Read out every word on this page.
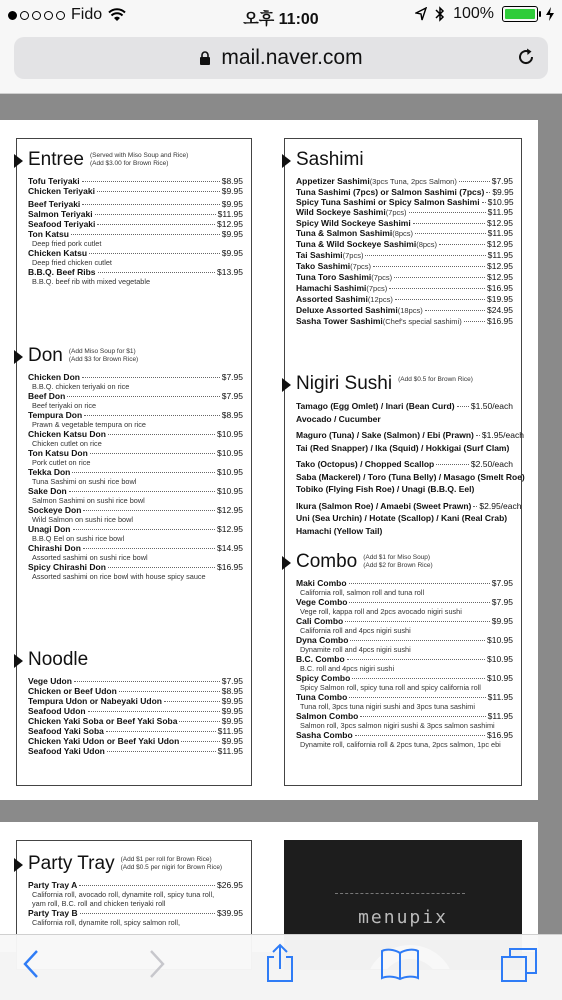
Fido	오후 11:00	100%
mail.naver.com
Entree (Served with Miso Soup and Rice)
(Add $3.00 for Brown Rice)
Tofu Teriyaki	$8.95
Chicken Teriyaki	$9.95
Beef Teriyaki	$9.95
Salmon Teriyaki	$11.95
Seafood Teriyaki	$12.95
Ton Katsu	$9.95
Deep fried pork cutlet
Chicken Katsu	$9.95
Deep fried chicken cutlet
B.B.Q. Beef Ribs	$13.95
B.B.Q. beef rib with mixed vegetable
Don (Add Miso Soup for $1)
(Add $3 for Brown Rice)
Chicken Don	$7.95
B.B.Q. chicken teriyaki on rice
Beef Don	$7.95
Beef teriyaki on rice
Tempura Don	$8.95
Prawn & vegetable tempura on rice
Chicken Katsu Don	$10.95
Chicken cutlet on rice
Ton Katsu Don	$10.95
Pork cutlet on rice
Tekka Don	$10.95
Tuna Sashimi on sushi rice bowl
Sake Don	$10.95
Salmon Sashimi on sushi rice bowl
Sockeye Don	$12.95
Wild Salmon on sushi rice bowl
Unagi Don	$12.95
B.B.Q Eel on sushi rice bowl
Chirashi Don	$14.95
Assorted sashimi on sushi rice bowl
Spicy Chirashi Don	$16.95
Assorted sashimi on rice bowl with house spicy sauce
Noodle
Vege Udon	$7.95
Chicken or Beef Udon	$8.95
Tempura Udon or Nabeyaki Udon	$9.95
Seafood Udon	$9.95
Chicken Yaki Soba or Beef Yaki Soba	$9.95
Seafood Yaki Soba	$11.95
Chicken Yaki Udon or Beef Yaki Udon	$9.95
Seafood Yaki Udon	$11.95
Sashimi
Appetizer Sashimi (3pcs Tuna, 2pcs Salmon)	$7.95
Tuna Sashimi (7pcs) or Salmon Sashimi (7pcs) $9.95
Spicy Tuna Sashimi or Spicy Salmon Sashimi $10.95
Wild Sockeye Sashimi (7pcs)	$11.95
Spicy Wild Sockeye Sashimi	$12.95
Tuna & Salmon Sashimi (8pcs)	$11.95
Tuna & Wild Sockeye Sashimi (8pcs)	$12.95
Tai Sashimi (7pcs)	$11.95
Tako Sashimi (7pcs)	$12.95
Tuna Toro Sashimi (7pcs)	$12.95
Hamachi Sashimi (7pcs)	$16.95
Assorted Sashimi (12pcs)	$19.95
Deluxe Assorted Sashimi (18pcs)	$24.95
Sasha Tower Sashimi (Chef's special sashimi)	$16.95
Nigiri Sushi (Add $0.5 for Brown Rice)
Tamago (Egg Omlet) / Inari (Bean Curd) $1.50/each
Avocado / Cucumber
Maguro (Tuna) / Sake (Salmon) / Ebi (Prawn) $1.95/each
Tai (Red Snapper) / Ika (Squid) / Hokkigai (Surf Clam)
Tako (Octopus) / Chopped Scallop	$2.50/each
Saba (Mackerel) / Toro (Tuna Belly) / Masago (Smelt Roe)
Tobiko (Flying Fish Roe) / Unagi (B.B.Q. Eel)
Ikura (Salmon Roe) / Amaebi (Sweet Prawn) $2.95/each
Uni (Sea Urchin) / Hotate (Scallop) / Kani (Real Crab)
Hamachi (Yellow Tail)
Combo (Add $1 for Miso Soup)
(Add $2 for Brown Rice)
Maki Combo	$7.95
California roll, salmon roll and tuna roll
Vege Combo	$7.95
Vege roll, kappa roll and 2pcs avocado nigiri sushi
Cali Combo	$9.95
California roll and 4pcs nigiri sushi
Dyna Combo	$10.95
Dynamite roll and 4pcs nigiri sushi
B.C. Combo	$10.95
B.C. roll and 4pcs nigiri sushi
Spicy Combo	$10.95
Spicy Salmon roll, spicy tuna roll and spicy california roll
Tuna Combo	$11.95
Tuna roll, 3pcs tuna nigiri sushi and 3pcs tuna sashimi
Salmon Combo	$11.95
Salmon roll, 3pcs salmon nigiri sushi & 3pcs salmon sashimi
Sasha Combo	$16.95
Dynamite roll, california roll & 2pcs tuna, 2pcs salmon, 1pc ebi
Party Tray (Add $1 per roll for Brown Rice)
(Add $0.5 per nigiri for Brown Rice)
Party Tray A	$26.95
California roll, avocado roll, dynamite roll, spicy tuna roll,
yam roll, B.C. roll and chicken teriyaki roll
Party Tray B	$39.95
California roll, dynamite roll, spicy salmon roll,	menupix
